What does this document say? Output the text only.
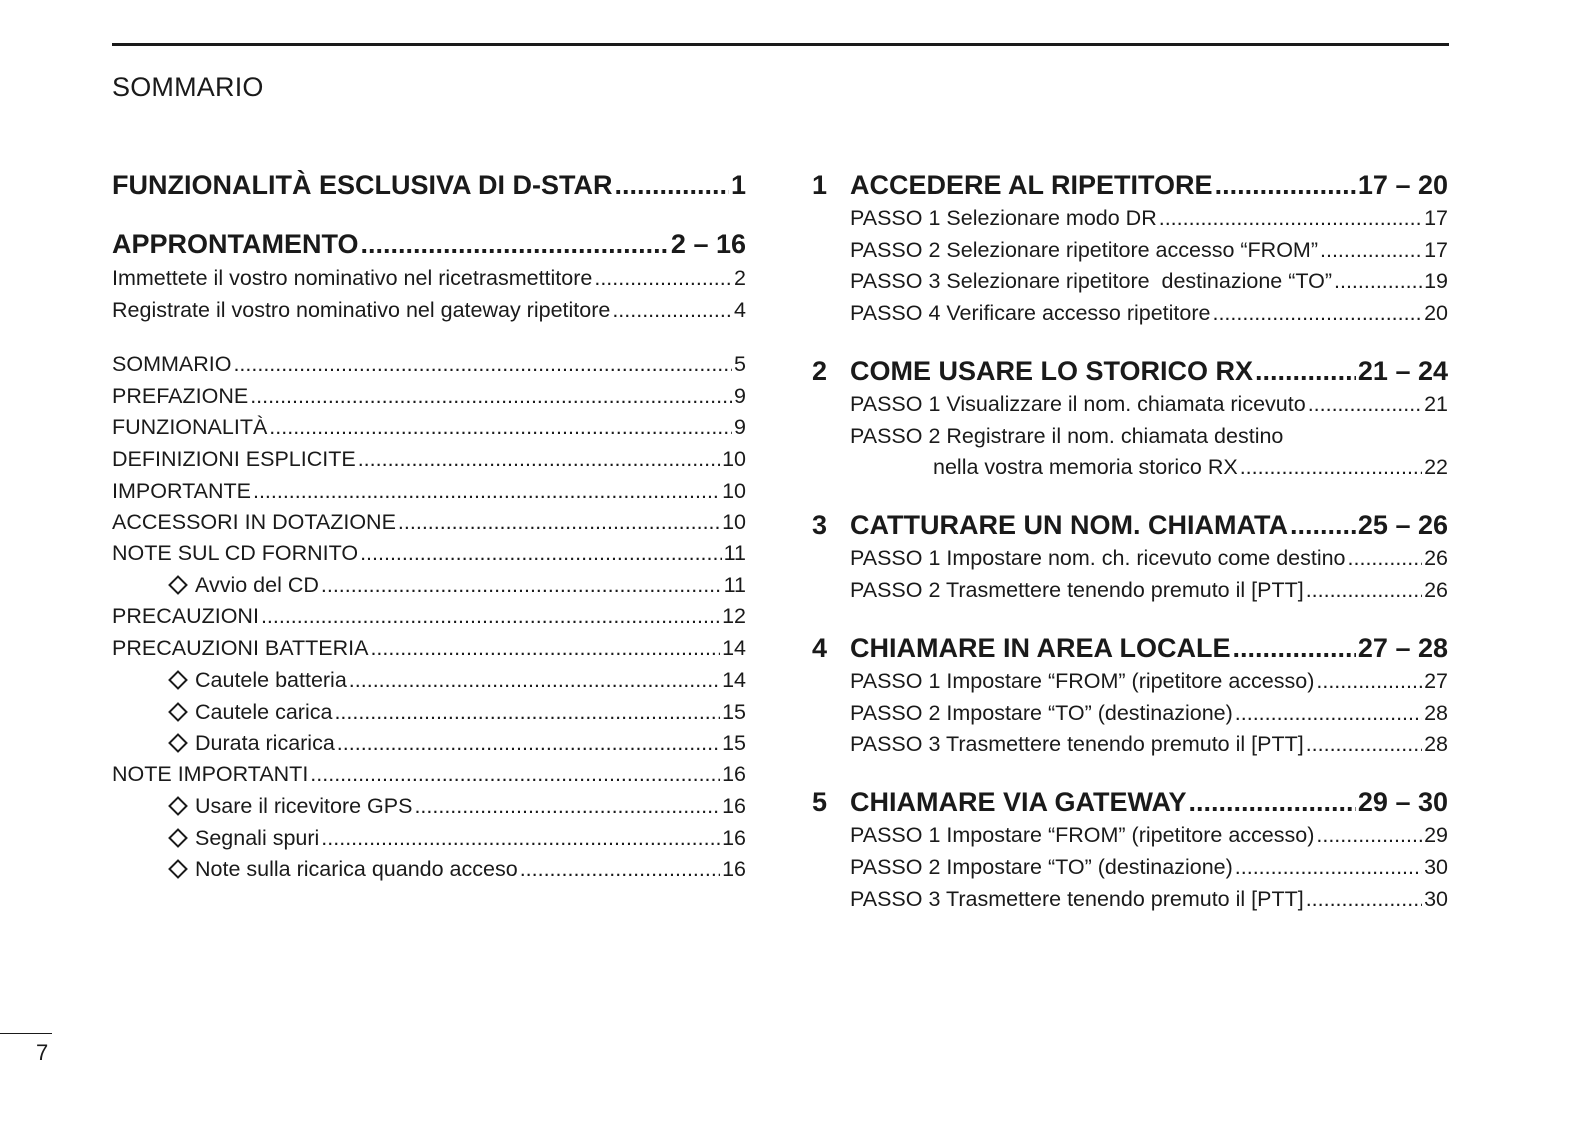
SOMMARIO
FUNZIONALITÀ ESCLUSIVA DI D-STAR .....	1
APPRONTAMENTO .....	2 – 16
Immettete il vostro nominativo nel ricetrasmettitore .....	2
Registrate il vostro nominativo nel gateway ripetitore .....	4
SOMMARIO .....	5
PREFAZIONE .....	9
FUNZIONALITÀ .....	9
DEFINIZIONI ESPLICITE .....	10
IMPORTANTE .....	10
ACCESSORI IN DOTAZIONE .....	10
NOTE SUL CD FORNITO .....	11
Avvio del CD .....	11
PRECAUZIONI .....	12
PRECAUZIONI BATTERIA .....	14
Cautele batteria .....	14
Cautele carica .....	15
Durata ricarica .....	15
NOTE IMPORTANTI .....	16
Usare il ricevitore GPS .....	16
Segnali spuri .....	16
Note sulla ricarica quando acceso .....	16
1 ACCEDERE AL RIPETITORE .....	17 – 20
PASSO 1 Selezionare modo DR .....	17
PASSO 2 Selezionare ripetitore accesso “FROM” .....	17
PASSO 3 Selezionare ripetitore  destinazione “TO” .....	19
PASSO 4 Verificare accesso ripetitore .....	20
2 COME USARE LO STORICO RX .....	21 – 24
PASSO 1 Visualizzare il nom. chiamata ricevuto .....	21
PASSO 2 Registrare il nom. chiamata destino
nella vostra memoria storico RX .....	22
3 CATTURARE UN NOM. CHIAMATA .....	25 – 26
PASSO 1 Impostare nom. ch. ricevuto come destino .....	26
PASSO 2 Trasmettere tenendo premuto il [PTT] .....	26
4 CHIAMARE IN AREA LOCALE .....	27 – 28
PASSO 1 Impostare “FROM” (ripetitore accesso) .....	27
PASSO 2 Impostare “TO” (destinazione) .....	28
PASSO 3 Trasmettere tenendo premuto il [PTT] .....	28
5 CHIAMARE VIA GATEWAY .....	29 – 30
PASSO 1 Impostare “FROM” (ripetitore accesso) .....	29
PASSO 2 Impostare “TO” (destinazione) .....	30
PASSO 3 Trasmettere tenendo premuto il [PTT] .....	30
7
